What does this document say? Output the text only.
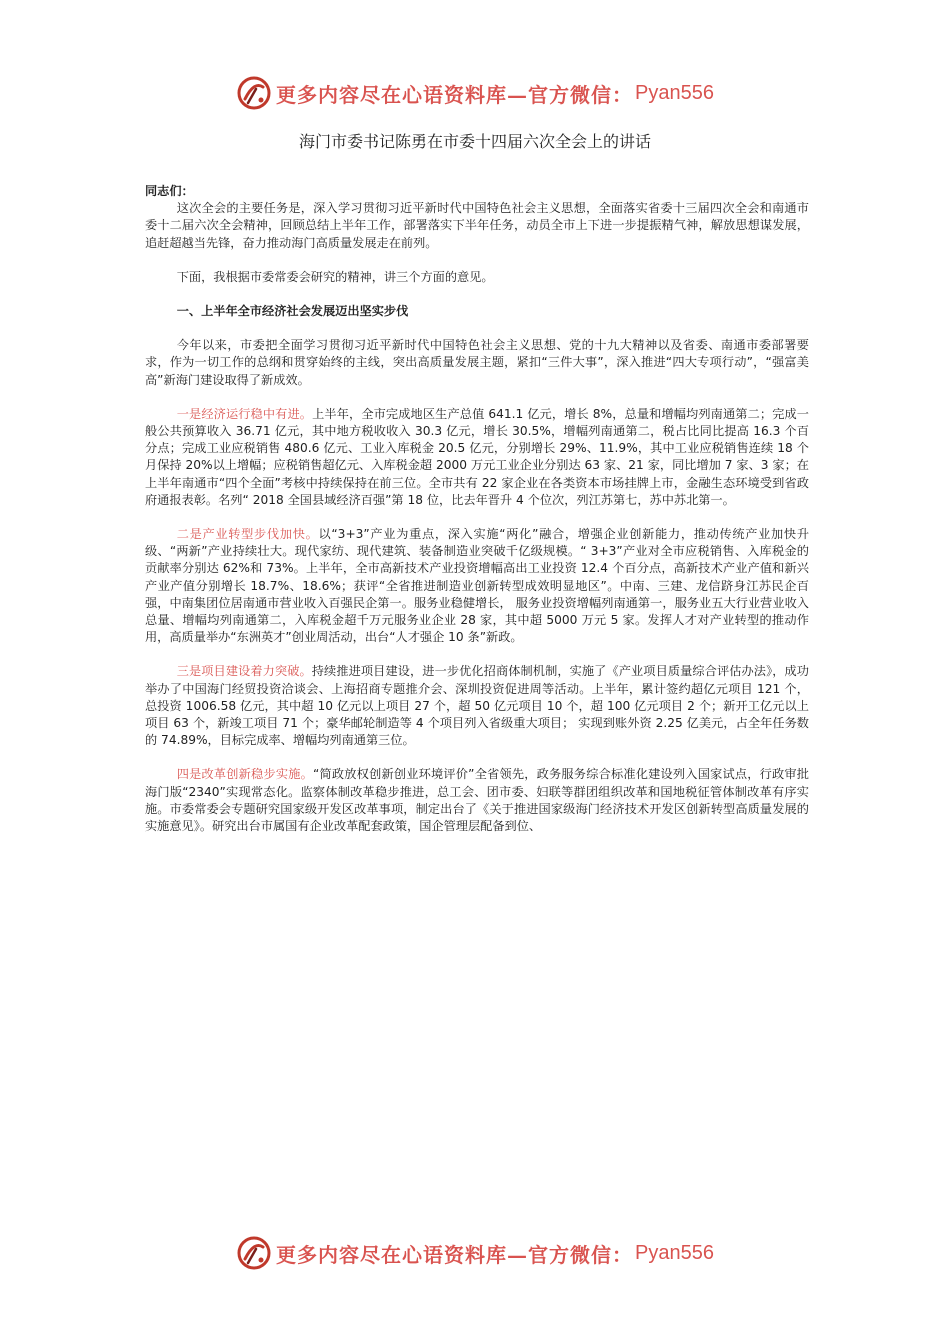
更多内容尽在心语资料库—官方微信： Pyan556
海门市委书记陈勇在市委十四届六次全会上的讲话

同志们：

这次全会的主要任务是，深入学习贯彻习近平新时代中国特色社会主义思想，全面落实省委十三届四次全会和南通市委十二届六次全会精神，回顾总结上半年工作，部署落实下半年任务，动员全市上下进一步提振精气神，解放思想谋发展，追赶超越当先锋，奋力推动海门高质量发展走在前列。

下面，我根据市委常委会研究的精神，讲三个方面的意见。

一、上半年全市经济社会发展迈出坚实步伐

今年以来，市委把全面学习贯彻习近平新时代中国特色社会主义思想、党的十九大精神以及省委、南通市委部署要求，作为一切工作的总纲和贯穿始终的主线，突出高质量发展主题，紧扣“三件大事”，深入推进“四大专项行动”，“强富美高”新海门建设取得了新成效。

一是经济运行稳中有进。上半年，全市完成地区生产总值 641.1 亿元，增长 8%，总量和增幅均列南通第二；完成一般公共预算收入 36.71 亿元，其中地方税收收入 30.3 亿元，增长 30.5%，增幅列南通第二，税占比同比提高 16.3 个百分点；完成工业应税销售 480.6 亿元、工业入库税金 20.5 亿元，分别增长 29%、11.9%，其中工业应税销售连续 18 个月保持 20%以上增幅；应税销售超亿元、入库税金超 2000 万元工业企业分别达 63 家、21 家，同比增加 7 家、3 家；在上半年南通市“四个全面”考核中持续保持在前三位。全市共有 22 家企业在各类资本市场挂牌上市，金融生态环境受到省政府通报表彰。名列“ 2018 全国县域经济百强”第 18 位，比去年晋升 4 个位次，列江苏第七，苏中苏北第一。

二是产业转型步伐加快。以“3+3”产业为重点，深入实施“两化”融合，增强企业创新能力，推动传统产业加快升级、“两新”产业持续壮大。现代家纺、现代建筑、装备制造业突破千亿级规模。“ 3+3”产业对全市应税销售、入库税金的贡献率分别达 62%和 73%。上半年，全市高新技术产业投资增幅高出工业投资 12.4 个百分点，高新技术产业产值和新兴产业产值分别增长 18.7%、18.6%；获评“全省推进制造业创新转型成效明显地区”。中南、三建、龙信跻身江苏民企百强，中南集团位居南通市营业收入百强民企第一。服务业稳健增长， 服务业投资增幅列南通第一，服务业五大行业营业收入总量、增幅均列南通第二，入库税金超千万元服务业企业 28 家，其中超 5000 万元 5 家。发挥人才对产业转型的推动作用，高质量举办“东洲英才”创业周活动，出台“人才强企 10 条”新政。

三是项目建设着力突破。持续推进项目建设，进一步优化招商体制机制，实施了《产业项目质量综合评估办法》，成功举办了中国海门经贸投资洽谈会、上海招商专题推介会、深圳投资促进周等活动。上半年，累计签约超亿元项目 121 个，总投资 1006.58 亿元，其中超 10 亿元以上项目 27 个，超 50 亿元项目 10 个，超 100 亿元项目 2 个；新开工亿元以上项目 63 个，新竣工项目 71 个；豪华邮轮制造等 4 个项目列入省级重大项目； 实现到账外资 2.25 亿美元，占全年任务数的 74.89%，目标完成率、增幅均列南通第三位。

四是改革创新稳步实施。“简政放权创新创业环境评价”全省领先，政务服务综合标准化建设列入国家试点，行政审批海门版“2340”实现常态化。监察体制改革稳步推进，总工会、团市委、妇联等群团组织改革和国地税征管体制改革有序实施。市委常委会专题研究国家级开发区改革事项，制定出台了《关于推进国家级海门经济技术开发区创新转型高质量发展的实施意见》。研究出台市属国有企业改革配套政策，国企管理层配备到位、

更多内容尽在心语资料库—官方微信： Pyan556
